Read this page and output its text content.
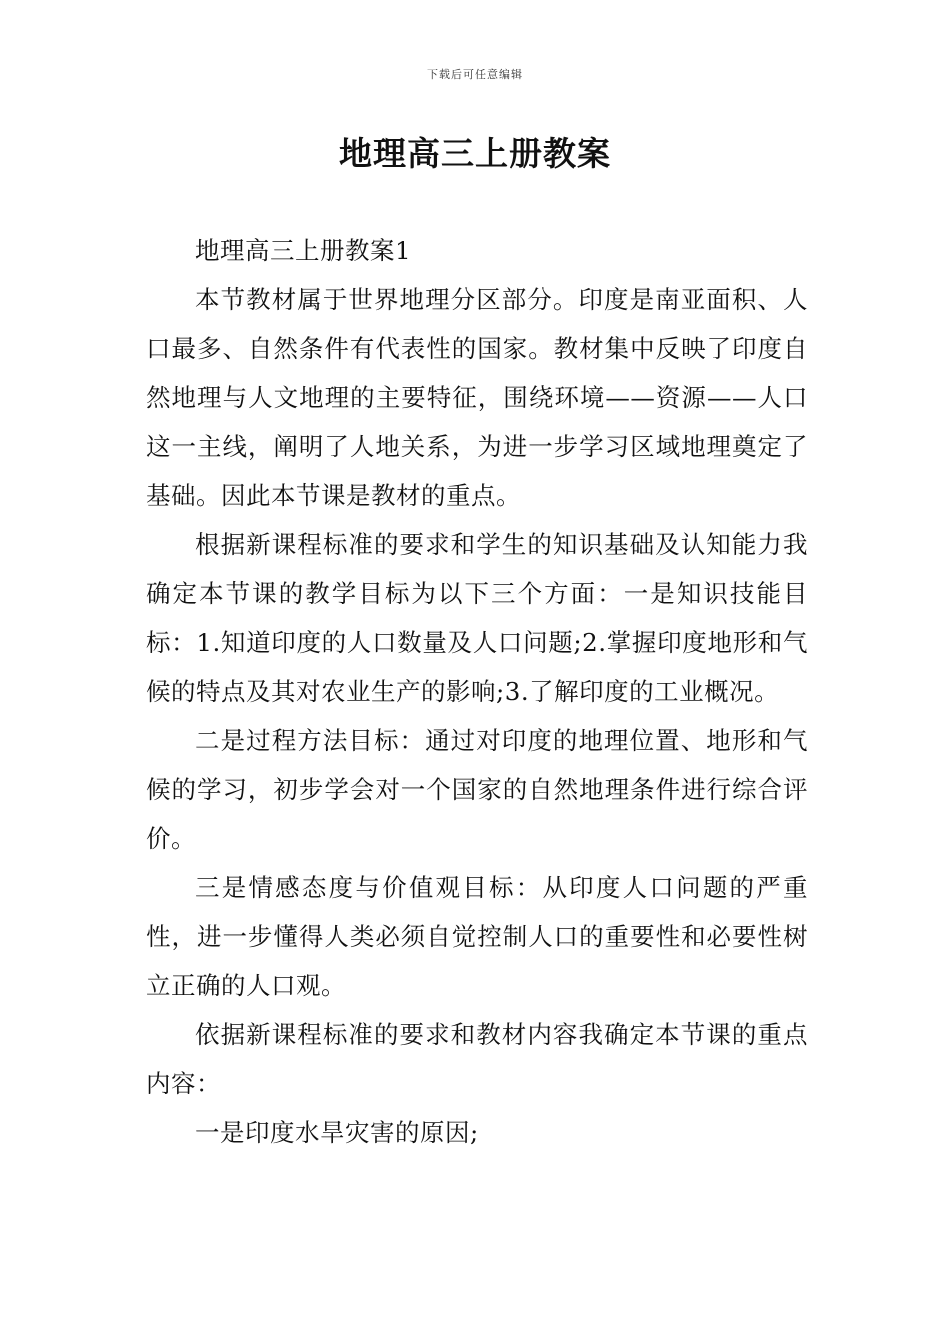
下载后可任意编辑
地理高三上册教案

地理高三上册教案1

本节教材属于世界地理分区部分。印度是南亚面积、人口最多、自然条件有代表性的国家。教材集中反映了印度自然地理与人文地理的主要特征，围绕环境——资源——人口这一主线，阐明了人地关系，为进一步学习区域地理奠定了基础。因此本节课是教材的重点。

根据新课程标准的要求和学生的知识基础及认知能力我确定本节课的教学目标为以下三个方面：一是知识技能目标：1.知道印度的人口数量及人口问题;2.掌握印度地形和气候的特点及其对农业生产的影响;3.了解印度的工业概况。

二是过程方法目标：通过对印度的地理位置、地形和气候的学习，初步学会对一个国家的自然地理条件进行综合评价。

三是情感态度与价值观目标：从印度人口问题的严重性，进一步懂得人类必须自觉控制人口的重要性和必要性树立正确的人口观。

依据新课程标准的要求和教材内容我确定本节课的重点内容：

一是印度水旱灾害的原因;
